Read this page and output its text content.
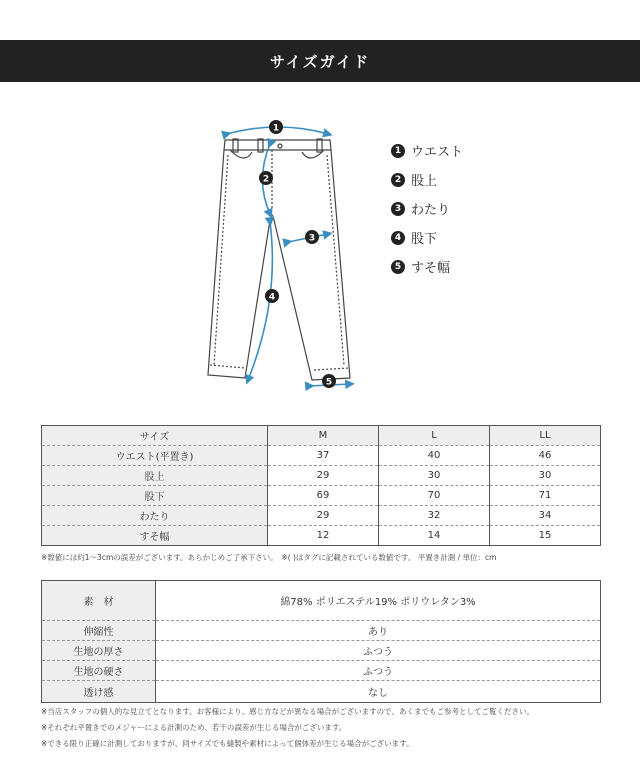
サイズガイド
1
2
3
4
5
1 ウエスト
2 股上
3 わたり
4 股下
5 すそ幅
サイズ	M	L	LL
ウエスト(平置き)	37	40	46
股上	29	30	30
股下	69	70	71
わたり	29	32	34
すそ幅	12	14	15
※数値には約1～3cmの誤差がございます。あらかじめご了承下さい。　※( )はタグに記載されている数値です。 平置き計測 / 単位：cm
素　材	綿78% ポリエステル19% ポリウレタン3%
伸縮性	あり
生地の厚さ	ふつう
生地の硬さ	ふつう
透け感	なし
※当店スタッフの個人的な見立てとなります。お客様により、感じ方などが異なる場合がございますので、あくまでもご参考としてご覧ください。
※それぞれ平置きでのメジャーによる計測のため、若干の誤差が生じる場合がございます。
※できる限り正確に計測しておりますが、同サイズでも縫製や素材によって個体差が生じる場合がございます。
